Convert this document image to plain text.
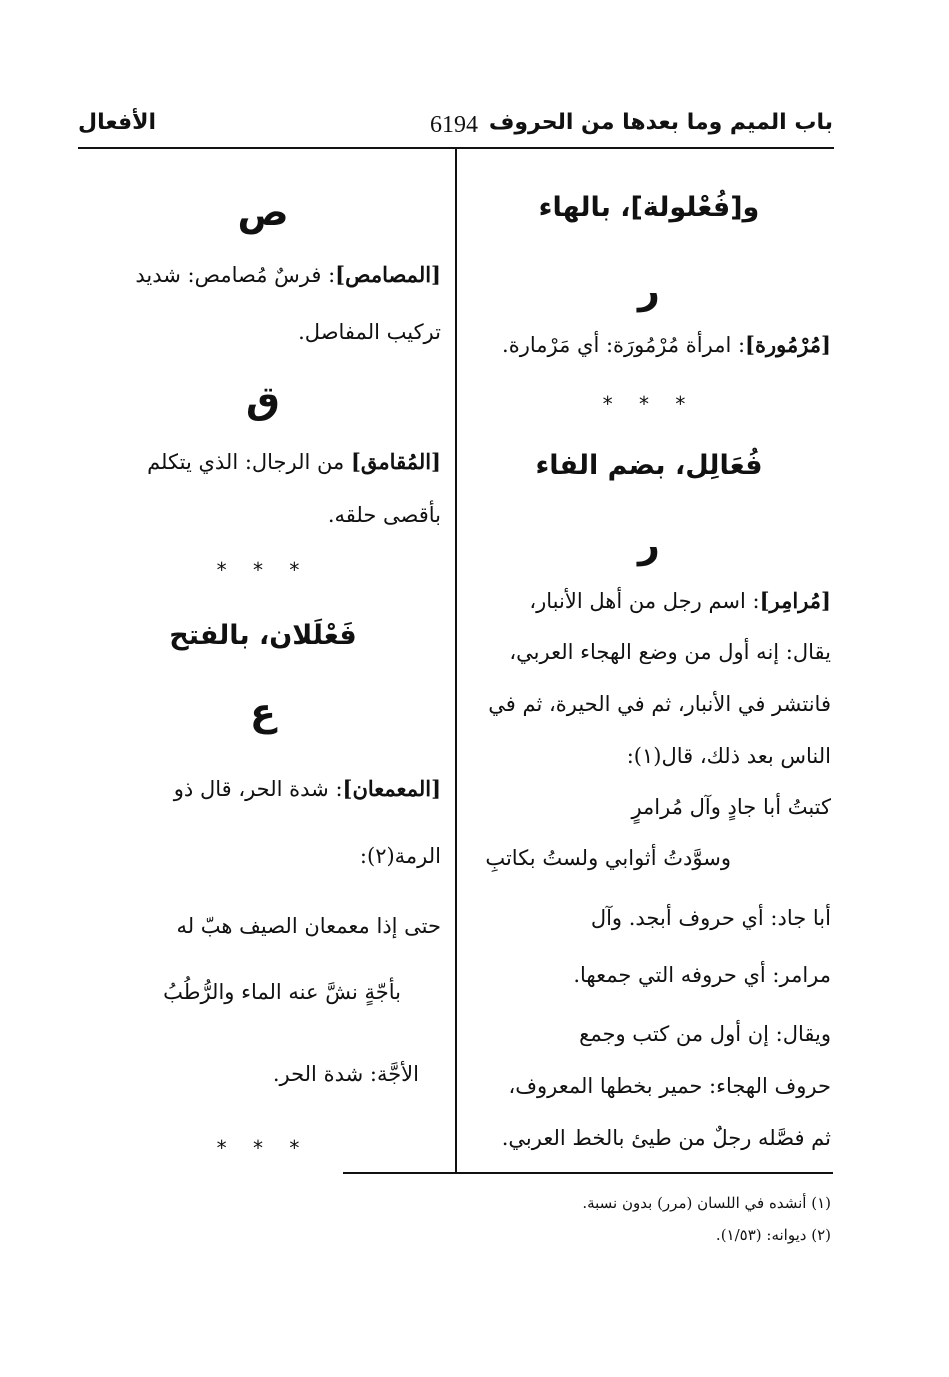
باب الميم وما بعدها من الحروف
6194
الأفعال
و[فُعْلولة]، بالهاء
ر
[مُرْمُورة]: امرأة مُرْمُورَة: أي مَرْمارة.
* * *
فُعَالِل، بضم الفاء
ر
[مُرامِر]: اسم رجل من أهل الأنبار،
يقال: إنه أول من وضع الهجاء العربي،
فانتشر في الأنبار، ثم في الحيرة، ثم في
الناس بعد ذلك، قال(١):
كتبتُ أبا جادٍ وآل مُرامرٍ
وسوَّدتُ أثوابي ولستُ بكاتبِ
أبا جاد: أي حروف أبجد. وآل
مرامر: أي حروفه التي جمعها.
ويقال: إن أول من كتب وجمع
حروف الهجاء: حمير بخطها المعروف،
ثم فصَّله رجلٌ من طيئ بالخط العربي.
ص
[المصامص]: فرسٌ مُصامص: شديد
تركيب المفاصل.
ق
[المُقامق] من الرجال: الذي يتكلم
بأقصى حلقه.
* * *
فَعْلَلان، بالفتح
ع
[المعمعان]: شدة الحر، قال ذو
الرمة(٢):
حتى إذا معمعان الصيف هبّ له
بأجّةٍ نشَّ عنه الماء والرُّطُبُ
الأجَّة: شدة الحر.
* * *
(١) أنشده في اللسان (مرر) بدون نسبة.
(٢) ديوانه: (١/٥٣).
